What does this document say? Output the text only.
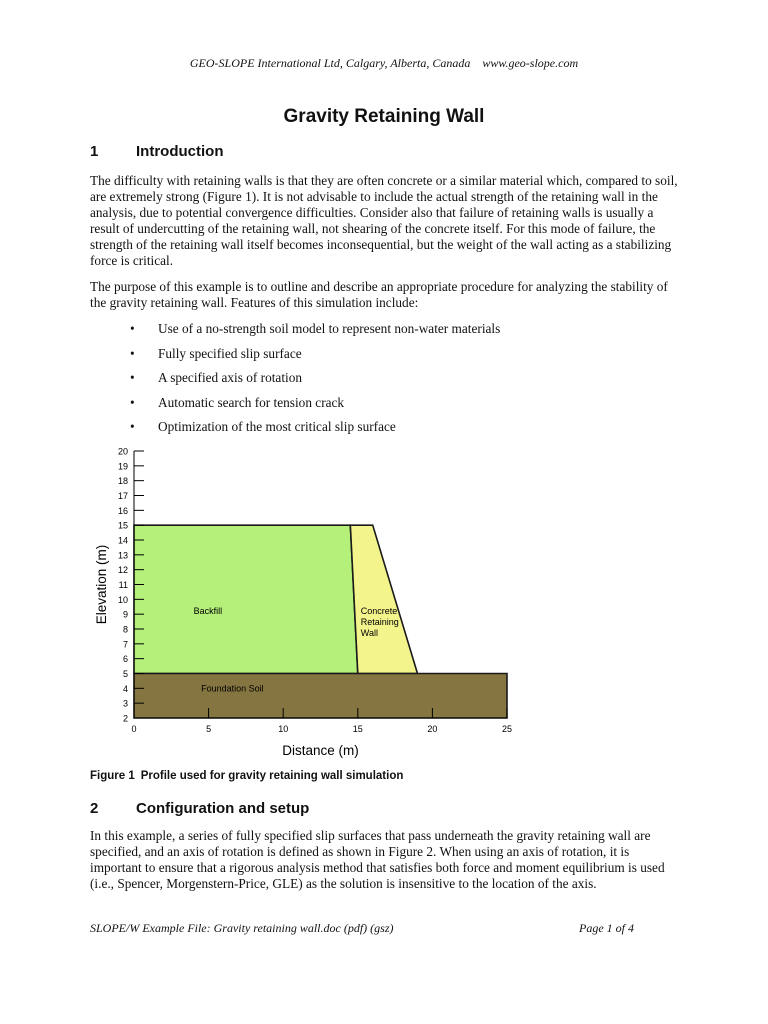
GEO-SLOPE International Ltd, Calgary, Alberta, Canada www.geo-slope.com
Gravity Retaining Wall
1	Introduction
The difficulty with retaining walls is that they are often concrete or a similar material which, compared to soil, are extremely strong (Figure 1). It is not advisable to include the actual strength of the retaining wall in the analysis, due to potential convergence difficulties. Consider also that failure of retaining walls is usually a result of undercutting of the retaining wall, not shearing of the concrete itself. For this mode of failure, the strength of the retaining wall itself becomes inconsequential, but the weight of the wall acting as a stabilizing force is critical.
The purpose of this example is to outline and describe an appropriate procedure for analyzing the stability of the gravity retaining wall. Features of this simulation include:
• Use of a no-strength soil model to represent non-water materials
• Fully specified slip surface
• A specified axis of rotation
• Automatic search for tension crack
• Optimization of the most critical slip surface
Backfill	Concrete Retaining Wall
Foundation Soil
2
3
4
5
6
7
8
9
10
11
12
13
14
15
16
17
18
19
20
0	5	10	15	20	25
Distance (m)
Elevation (m)
Figure 1 Profile used for gravity retaining wall simulation
2	Configuration and setup
In this example, a series of fully specified slip surfaces that pass underneath the gravity retaining wall are specified, and an axis of rotation is defined as shown in Figure 2. When using an axis of rotation, it is important to ensure that a rigorous analysis method that satisfies both force and moment equilibrium is used (i.e., Spencer, Morgenstern-Price, GLE) as the solution is insensitive to the location of the axis.
SLOPE/W Example File: Gravity retaining wall.doc (pdf) (gsz)	Page 1 of 4
